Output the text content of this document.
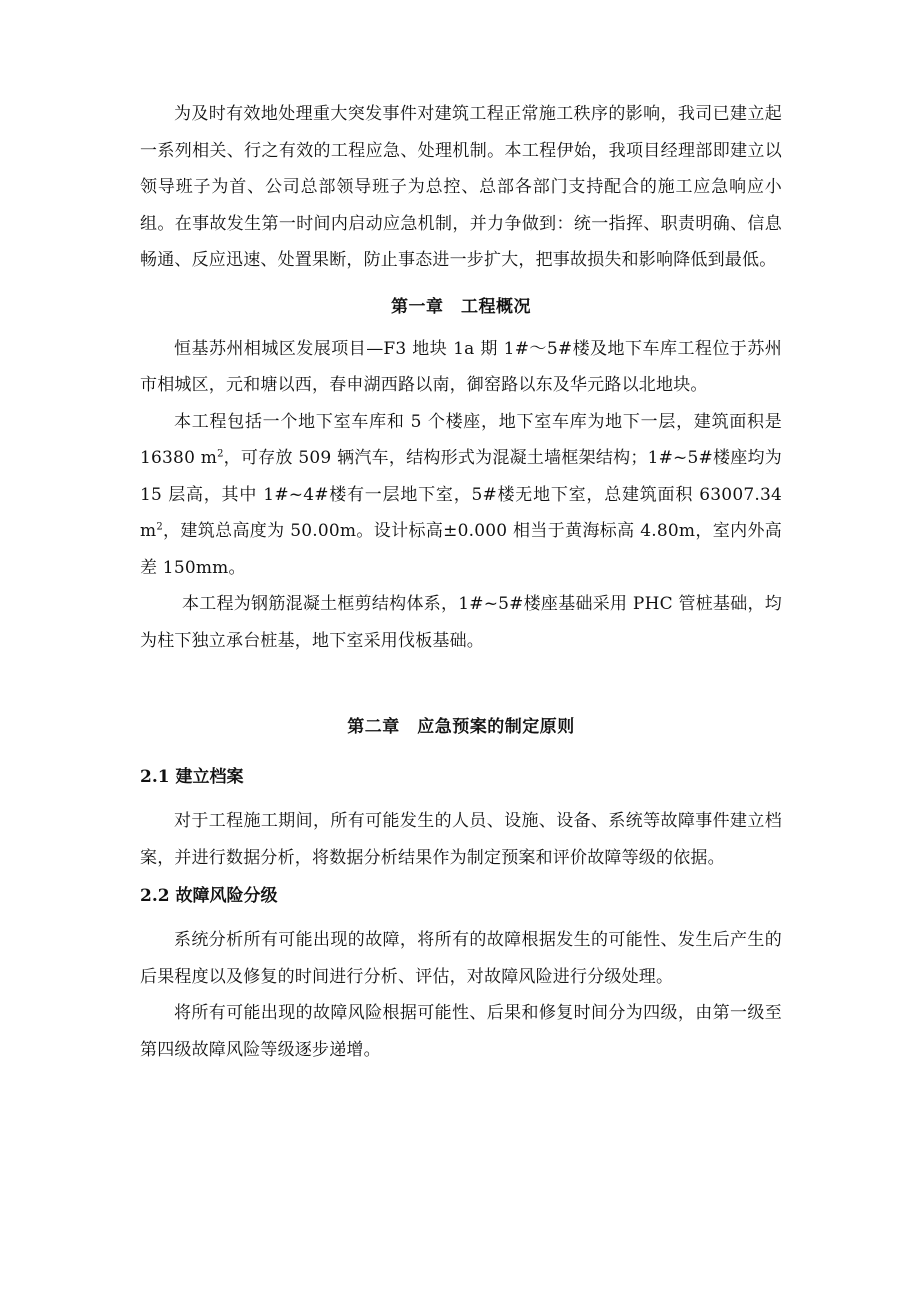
为及时有效地处理重大突发事件对建筑工程正常施工秩序的影响，我司已建立起一系列相关、行之有效的工程应急、处理机制。本工程伊始，我项目经理部即建立以领导班子为首、公司总部领导班子为总控、总部各部门支持配合的施工应急响应小组。在事故发生第一时间内启动应急机制，并力争做到：统一指挥、职责明确、信息畅通、反应迅速、处置果断，防止事态进一步扩大，把事故损失和影响降低到最低。

第一章　工程概况

恒基苏州相城区发展项目—F3 地块 1a 期 1#～5#楼及地下车库工程位于苏州市相城区，元和塘以西，春申湖西路以南，御窑路以东及华元路以北地块。

本工程包括一个地下室车库和 5 个楼座，地下室车库为地下一层，建筑面积是 16380 $m^2$，可存放 509 辆汽车，结构形式为混凝土墙框架结构；1#~5#楼座均为 15 层高，其中 1#~4#楼有一层地下室，5#楼无地下室，总建筑面积 63007.34 $m^2$，建筑总高度为 50.00m。设计标高±0.000 相当于黄海标高 4.80m，室内外高差 150mm。

本工程为钢筋混凝土框剪结构体系，1#~5#楼座基础采用 PHC 管桩基础，均为柱下独立承台桩基，地下室采用伐板基础。

第二章　应急预案的制定原则
2.1 建立档案

对于工程施工期间，所有可能发生的人员、设施、设备、系统等故障事件建立档案，并进行数据分析，将数据分析结果作为制定预案和评价故障等级的依据。

2.2 故障风险分级

系统分析所有可能出现的故障，将所有的故障根据发生的可能性、发生后产生的后果程度以及修复的时间进行分析、评估，对故障风险进行分级处理。

将所有可能出现的故障风险根据可能性、后果和修复时间分为四级，由第一级至第四级故障风险等级逐步递增。
